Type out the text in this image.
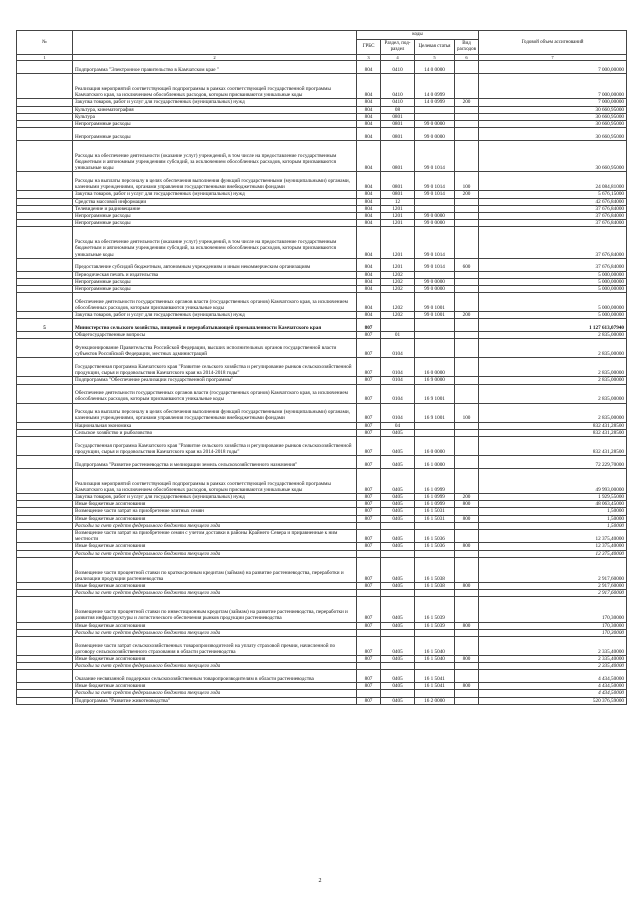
№		коды				Годовой объем ассигнований
		ГРБС	Раздел, под-раздел	Целевая статья	Вид расходов	
1	2	3	4	5	6	7
	Подпрограмма "Электронное правительство в Камчатском крае "	804	0410	14 0 0000		7 000,00000
	Реализация мероприятий соответствующей подпрограммы в рамках соответствующей государственной программы Камчатского края, за исключением обособленных расходов, которым присваиваются уникальные коды	804	0410	14 0 0999		7 000,00000
	Закупка товаров, работ и услуг для государственных (муниципальных) нужд	804	0410	14 0 0999	200	7 000,00000
	Культура, кинематография	804	08			30 660,95000
	Культура	804	0801			30 660,95000
	Непрограммные расходы	804	0801	99 0 0000		30 660,95000
	Непрограммные расходы	804	0801	99 0 0000		30 660,95000
	Расходы на обеспечение деятельности (оказание услуг) учреждений, в том числе на предоставление государственным бюджетным и автономным учреждениям субсидий, за исключением обособленных расходов, которым присваиваются уникальные коды	804	0801	99 0 1014		30 660,95000
	Расходы на выплаты персоналу в целях обеспечения выполнения функций государственными (муниципальными) органами, казенными учреждениями, органами управления государственными внебюджетными фондами	804	0801	99 0 1014	100	24 084,81000
	Закупка товаров, работ и услуг для государственных (муниципальных) нужд	804	0801	99 0 1014	200	5 676,15000
	Средства массовой информации	804	12			42 676,84000
	Телевидение и радиовещание	804	1201			37 676,84000
	Непрограммные расходы	804	1201	99 0 0000		37 676,84000
	Непрограммные расходы	804	1201	99 0 0000		37 676,84000
	Расходы на обеспечение деятельности (оказание услуг) учреждений, в том числе на предоставление государственным бюджетным и автономным учреждениям субсидий, за исключением обособленных расходов, которым присваиваются уникальные коды	804	1201	99 0 1014		37 676,84000
	Предоставление субсидий бюджетным, автономным учреждениям и иным некоммерческим организациям	804	1201	99 0 1014	600	37 676,84000
	Периодическая печать и издательства	804	1202			5 000,00000
	Непрограммные расходы	804	1202	99 0 0000		5 000,00000
	Непрограммные расходы	804	1202	99 0 0000		5 000,00000
	Обеспечение деятельности государственных органов власти (государственных органов) Камчатского края, за исключением обособленных расходов, которым присваиваются уникальные коды	804	1202	99 0 1001		5 000,00000
	Закупка товаров, работ и услуг для государственных (муниципальных) нужд	804	1202	99 0 1001	200	5 000,00000
5	Министерство сельского хозяйства, пищевой и перерабатывающей промышленности Камчатского края	807				1 127 613,07940
	Общегосударственные вопросы	807	01			2 835,00000
	Функционирование Правительства Российской Федерации, высших исполнительных органов государственной власти субъектов Российской Федерации, местных администраций	807	0104			2 835,00000
	Государственная программа Камчатского края "Развитие сельского хозяйства и регулирование рынков сельскохозяйственной продукции, сырья и продовольствия Камчатского края на 2014-2018 годы"	807	0104	16 0 0000		2 835,00000
	Подпрограмма "Обеспечение реализации государственной программы"	807	0104	16 9 0000		2 835,00000
	Обеспечение деятельности государственных органов власти (государственных органов) Камчатского края, за исключением обособленных расходов, которым присваиваются уникальные коды	807	0104	16 9 1001		2 835,00000
	Расходы на выплаты персоналу в целях обеспечения выполнения функций государственными (муниципальными) органами, казенными учреждениями, органами управления государственными внебюджетными фондами	807	0104	16 9 1001	100	2 835,00000
	Национальная экономика	807	04			832 431,28500
	Сельское хозяйство и рыболовство	807	0405			832 431,28500
	Государственная программа Камчатского края "Развитие сельского хозяйства и регулирование рынков сельскохозяйственной продукции, сырья и продовольствия Камчатского края на 2014-2018 годы"	807	0405	16 0 0000		832 431,28500
	Подпрограмма "Развитие растениеводства и мелиорации земель сельскохозяйственного назначения"	807	0405	16 1 0000		72 229,70000
	Реализация мероприятий соответствующей подпрограммы в рамках соответствующей государственной программы Камчатского края, за исключением обособленных расходов, которым присваиваются уникальные коды	807	0405	16 1 0999		49 993,00000
	Закупка товаров, работ и услуг для государственных (муниципальных) нужд	807	0405	16 1 0999	200	1 929,55000
	Иные бюджетные ассигнования	807	0405	16 1 0999	800	48 063,45000
	Возмещение части затрат на приобретение элитных семян	807	0405	16 1 5031		1,50000
	Иные бюджетные ассигнования	807	0405	16 1 5031	800	1,50000
	Расходы за счет средств федерального бюджета текущего года					1,50000
	Возмещение части затрат на приобретение семян с учетом доставки в районы Крайнего Севера и приравненные к ним местности	807	0405	16 1 5036		12 375,40000
	Иные бюджетные ассигнования	807	0405	16 1 5036	800	12 375,40000
	Расходы за счет средств федерального бюджета текущего года					12 375,40000
	Возмещение части процентной ставки по краткосрочным кредитам (займам) на развитие растениеводства, переработки и реализации продукции растениеводства	807	0405	16 1 5038		2 917,60000
	Иные бюджетные ассигнования	807	0405	16 1 5038	800	2 917,60000
	Расходы за счет средств федерального бюджета текущего года					2 917,60000
	Возмещение части процентной ставки по инвестиционным кредитам (займам) на развитие растениеводства, переработки и развития инфраструктуры и логистического обеспечения рынков продукции растениеводства	807	0405	16 1 5039		170,30000
	Иные бюджетные ассигнования	807	0405	16 1 5039	800	170,30000
	Расходы за счет средств федерального бюджета текущего года					170,30000
	Возмещение части затрат сельскохозяйственных товаропроизводителей на уплату страховой премии, начисленной по договору сельскохозяйственного страхования в области растениеводства	807	0405	16 1 5040		2 335,40000
	Иные бюджетные ассигнования	807	0405	16 1 5040	800	2 335,40000
	Расходы за счет средств федерального бюджета текущего года					2 335,40000
	Оказание несвязанной поддержки сельскохозяйственным товаропроизводителям в области растениеводства	807	0405	16 1 5041		4 434,50000
	Иные бюджетные ассигнования	807	0405	16 1 5041	800	4 434,50000
	Расходы за счет средств федерального бюджета текущего года					4 434,50000
	Подпрограмма "Развитие животноводства"	807	0405	16 2 0000		520 376,59000
2
